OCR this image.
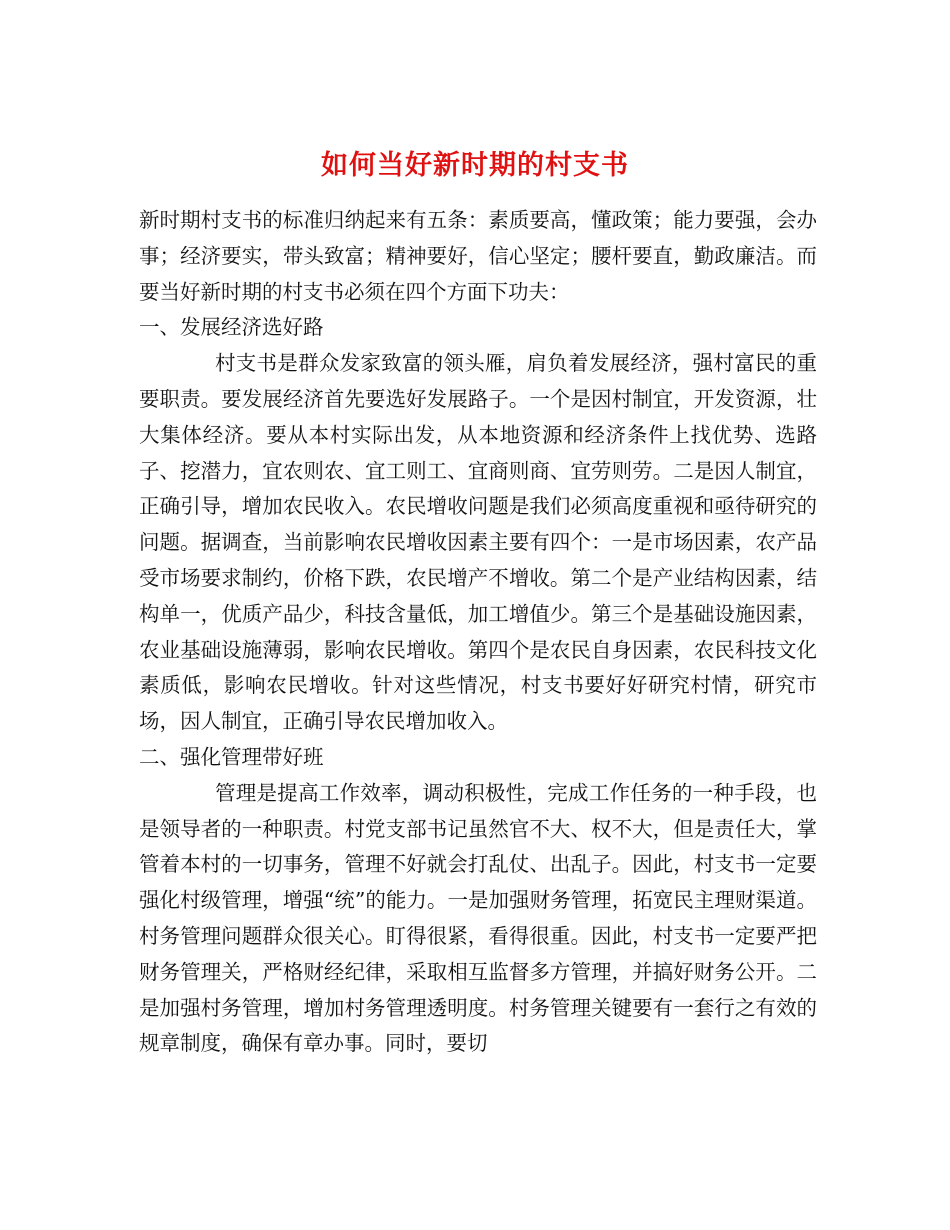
如何当好新时期的村支书

新时期村支书的标准归纳起来有五条：素质要高，懂政策；能力要强，会办事；经济要实，带头致富；精神要好，信心坚定；腰杆要直，勤政廉洁。而要当好新时期的村支书必须在四个方面下功夫：

一、发展经济选好路

村支书是群众发家致富的领头雁，肩负着发展经济，强村富民的重要职责。要发展经济首先要选好发展路子。一个是因村制宜，开发资源，壮大集体经济。要从本村实际出发，从本地资源和经济条件上找优势、选路子、挖潜力，宜农则农、宜工则工、宜商则商、宜劳则劳。二是因人制宜，正确引导，增加农民收入。农民增收问题是我们必须高度重视和亟待研究的问题。据调查，当前影响农民增收因素主要有四个：一是市场因素，农产品受市场要求制约，价格下跌，农民增产不增收。第二个是产业结构因素，结构单一，优质产品少，科技含量低，加工增值少。第三个是基础设施因素，农业基础设施薄弱，影响农民增收。第四个是农民自身因素，农民科技文化素质低，影响农民增收。针对这些情况，村支书要好好研究村情，研究市场，因人制宜，正确引导农民增加收入。

二、强化管理带好班

管理是提高工作效率，调动积极性，完成工作任务的一种手段，也是领导者的一种职责。村党支部书记虽然官不大、权不大，但是责任大，掌管着本村的一切事务，管理不好就会打乱仗、出乱子。因此，村支书一定要强化村级管理，增强“统”的能力。一是加强财务管理，拓宽民主理财渠道。村务管理问题群众很关心。盯得很紧，看得很重。因此，村支书一定要严把财务管理关，严格财经纪律，采取相互监督多方管理，并搞好财务公开。二是加强村务管理，增加村务管理透明度。村务管理关键要有一套行之有效的规章制度，确保有章办事。同时，要切
